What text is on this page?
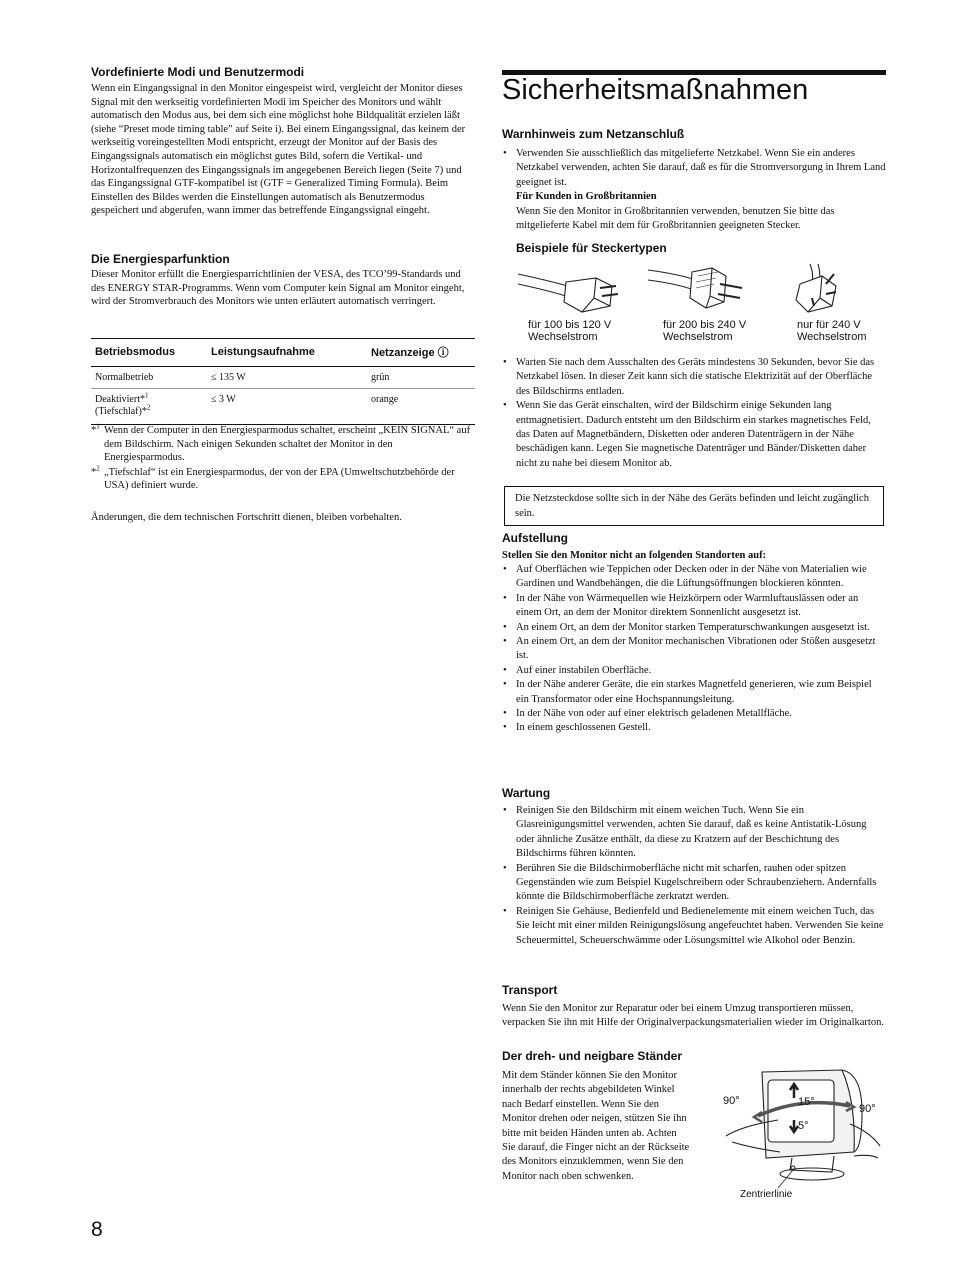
Vordefinierte Modi und Benutzermodi

Wenn ein Eingangssignal in den Monitor eingespeist wird, vergleicht der Monitor dieses Signal mit den werkseitig vordefinierten Modi im Speicher des Monitors und wählt automatisch den Modus aus, bei dem sich eine möglichst hohe Bildqualität erzielen läßt (siehe “Preset mode timing table” auf Seite i). Bei einem Eingangssignal, das keinem der werkseitig voreingestellten Modi entspricht, erzeugt der Monitor auf der Basis des Eingangssignals automatisch ein möglichst gutes Bild, sofern die Vertikal- und Horizontalfrequenzen des Eingangssignals im angegebenen Bereich liegen (Seite 7) und das Eingangssignal GTF-kompatibel ist (GTF = Generalized Timing Formula). Beim Einstellen des Bildes werden die Einstellungen automatisch als Benutzermodus gespeichert und abgerufen, wann immer das betreffende Eingangssignal eingeht.

Die Energiesparfunktion

Dieser Monitor erfüllt die Energiesparrichtlinien der VESA, des TCO’99-Standards und des ENERGY STAR-Programms. Wenn vom Computer kein Signal am Monitor eingeht, wird der Stromverbrauch des Monitors wie unten erläutert automatisch verringert.

Betriebsmodus	Leistungsaufnahme	Netzanzeige ⓘ
Normalbetrieb	≤ 135 W	grün
Deaktiviert*$^1$
(Tiefschlaf)*$^2$	≤ 3 W	orange
*$^1$ Wenn der Computer in den Energiesparmodus schaltet, erscheint „KEIN SIGNAL“ auf dem Bildschirm. Nach einigen Sekunden schaltet der Monitor in den Energiesparmodus.
*$^2$ „Tiefschlaf“ ist ein Energiesparmodus, der von der EPA (Umweltschutzbehörde der USA) definiert wurde.

Änderungen, die dem technischen Fortschritt dienen, bleiben vorbehalten.

Sicherheitsmaßnahmen
Warnhinweis zum Netzanschluß
• Verwenden Sie ausschließlich das mitgelieferte Netzkabel. Wenn Sie ein anderes Netzkabel verwenden, achten Sie darauf, daß es für die Stromversorgung in Ihrem Land geeignet ist.
Für Kunden in Großbritannien
Wenn Sie den Monitor in Großbritannien verwenden, benutzen Sie bitte das mitgelieferte Kabel mit dem für Großbritannien geeigneten Stecker.
Beispiele für Steckertypen
für 100 bis 120 V
Wechselstrom
für 200 bis 240 V
Wechselstrom
nur für 240 V
Wechselstrom
• Warten Sie nach dem Ausschalten des Geräts mindestens 30 Sekunden, bevor Sie das Netzkabel lösen. In dieser Zeit kann sich die statische Elektrizität auf der Oberfläche des Bildschirms entladen.
• Wenn Sie das Gerät einschalten, wird der Bildschirm einige Sekunden lang entmagnetisiert. Dadurch entsteht um den Bildschirm ein starkes magnetisches Feld, das Daten auf Magnetbändern, Disketten oder anderen Datenträgern in der Nähe beschädigen kann. Legen Sie magnetische Datenträger und Bänder/Disketten daher nicht zu nahe bei diesem Monitor ab.
Die Netzsteckdose sollte sich in der Nähe des Geräts befinden und leicht zugänglich sein.
Aufstellung
Stellen Sie den Monitor nicht an folgenden Standorten auf:
• Auf Oberflächen wie Teppichen oder Decken oder in der Nähe von Materialien wie Gardinen und Wandbehängen, die die Lüftungsöffnungen blockieren könnten.
• In der Nähe von Wärmequellen wie Heizkörpern oder Warmluftauslässen oder an einem Ort, an dem der Monitor direktem Sonnenlicht ausgesetzt ist.
• An einem Ort, an dem der Monitor starken Temperaturschwankungen ausgesetzt ist.
• An einem Ort, an dem der Monitor mechanischen Vibrationen oder Stößen ausgesetzt ist.
• Auf einer instabilen Oberfläche.
• In der Nähe anderer Geräte, die ein starkes Magnetfeld generieren, wie zum Beispiel ein Transformator oder eine Hochspannungsleitung.
• In der Nähe von oder auf einer elektrisch geladenen Metallfläche.
• In einem geschlossenen Gestell.
Wartung
• Reinigen Sie den Bildschirm mit einem weichen Tuch. Wenn Sie ein Glasreinigungsmittel verwenden, achten Sie darauf, daß es keine Antistatik-Lösung oder ähnliche Zusätze enthält, da diese zu Kratzern auf der Beschichtung des Bildschirms führen könnten.
• Berühren Sie die Bildschirmoberfläche nicht mit scharfen, rauhen oder spitzen Gegenständen wie zum Beispiel Kugelschreibern oder Schraubenziehern. Andernfalls könnte die Bildschirmoberfläche zerkratzt werden.
• Reinigen Sie Gehäuse, Bedienfeld und Bedienelemente mit einem weichen Tuch, das Sie leicht mit einer milden Reinigungslösung angefeuchtet haben. Verwenden Sie keine Scheuermittel, Scheuerschwämme oder Lösungsmittel wie Alkohol oder Benzin.
Transport

Wenn Sie den Monitor zur Reparatur oder bei einem Umzug transportieren müssen, verpacken Sie ihn mit Hilfe der Originalverpackungsmaterialien wieder im Originalkarton.

Der dreh- und neigbare Ständer

Mit dem Ständer können Sie den Monitor innerhalb der rechts abgebildeten Winkel nach Bedarf einstellen. Wenn Sie den Monitor drehen oder neigen, stützen Sie ihn bitte mit beiden Händen unten ab. Achten Sie darauf, die Finger nicht an der Rückseite des Monitors einzuklemmen, wenn Sie den Monitor nach oben schwenken.

90°
90°
15°
5°
Zentrierlinie
8
